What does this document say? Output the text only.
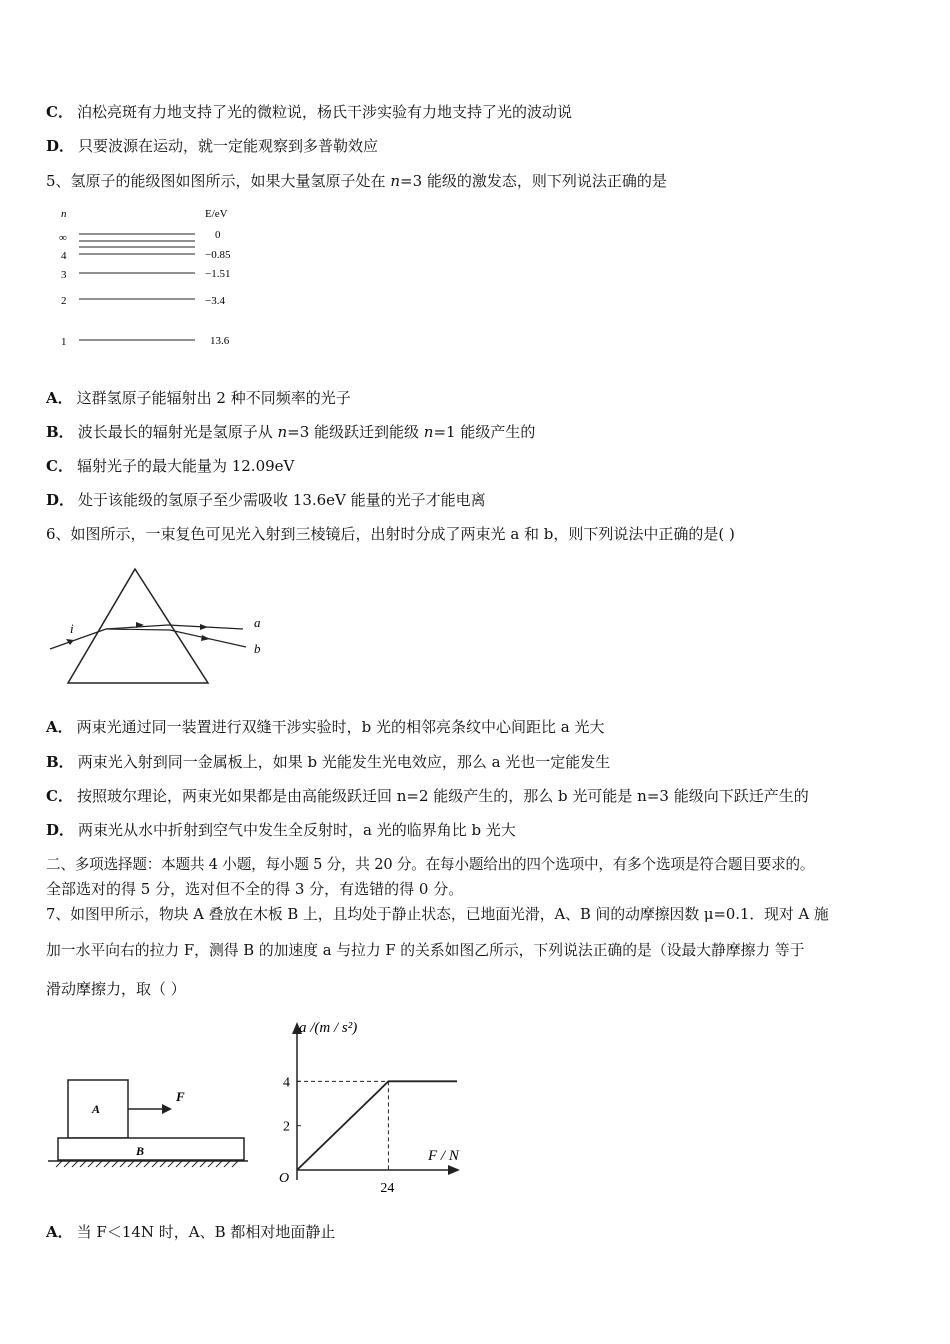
C． 泊松亮斑有力地支持了光的微粒说，杨氏干涉实验有力地支持了光的波动说
D． 只要波源在运动，就一定能观察到多普勒效应
5、氢原子的能级图如图所示，如果大量氢原子处在 n=3 能级的激发态，则下列说法正确的是
n	E/eV
∞	0
4	−0.85
3	−1.51
2	−3.4
1	13.6
A． 这群氢原子能辐射出 2 种不同频率的光子
B． 波长最长的辐射光是氢原子从 n=3 能级跃迁到能级 n=1 能级产生的
C． 辐射光子的最大能量为 12.09eV
D． 处于该能级的氢原子至少需吸收 13.6eV 能量的光子才能电离
6、如图所示，一束复色可见光入射到三棱镜后，出射时分成了两束光 a 和 b，则下列说法中正确的是( )
i	a
b
A． 两束光通过同一装置进行双缝干涉实验时，b 光的相邻亮条纹中心间距比 a 光大
B． 两束光入射到同一金属板上，如果 b 光能发生光电效应，那么 a 光也一定能发生
C． 按照玻尔理论，两束光如果都是由高能级跃迁回 n=2 能级产生的，那么 b 光可能是 n=3 能级向下跃迁产生的
D． 两束光从水中折射到空气中发生全反射时，a 光的临界角比 b 光大
二、多项选择题：本题共 4 小题，每小题 5 分，共 20 分。在每小题给出的四个选项中，有多个选项是符合题目要求的。
全部选对的得 5 分，选对但不全的得 3 分，有选错的得 0 分。
7、如图甲所示，物块 A 叠放在木板 B 上，且均处于静止状态，已地面光滑，A、B 间的动摩擦因数 μ=0.1．现对 A 施
加一水平向右的拉力 F，测得 B 的加速度 a 与拉力 F 的关系如图乙所示，下列说法正确的是（设最大静摩擦力 等于
滑动摩擦力，取（ ）
A
B
F
a /(m / s²)
F / N
O
2
4
24
A． 当 F＜14N 时，A、B 都相对地面静止
